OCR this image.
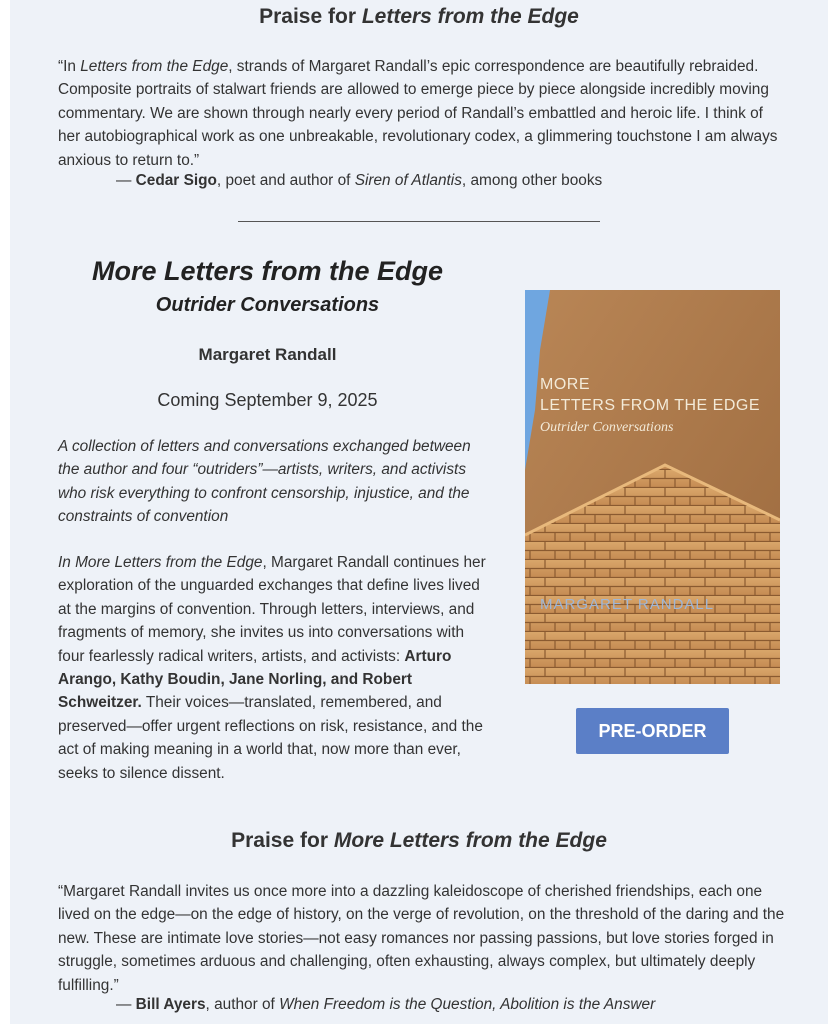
Praise for Letters from the Edge
“In Letters from the Edge, strands of Margaret Randall’s epic correspondence are beautifully rebraided. Composite portraits of stalwart friends are allowed to emerge piece by piece alongside incredibly moving commentary. We are shown through nearly every period of Randall’s embattled and heroic life. I think of her autobiographical work as one unbreakable, revolutionary codex, a glimmering touchstone I am always anxious to return to.”
— Cedar Sigo, poet and author of Siren of Atlantis, among other books
More Letters from the Edge
Outrider Conversations
Margaret Randall
Coming September 9, 2025
A collection of letters and conversations exchanged between the author and four “outriders”—artists, writers, and activists who risk everything to confront censorship, injustice, and the constraints of convention
In More Letters from the Edge, Margaret Randall continues her exploration of the unguarded exchanges that define lives lived at the margins of convention. Through letters, interviews, and fragments of memory, she invites us into conversations with four fearlessly radical writers, artists, and activists: Arturo Arango, Kathy Boudin, Jane Norling, and Robert Schweitzer. Their voices—translated, remembered, and preserved—offer urgent reflections on risk, resistance, and the act of making meaning in a world that, now more than ever, seeks to silence dissent.
MORE
LETTERS FROM THE EDGE
Outrider Conversations
MARGARET RANDALL
PRE-ORDER
Praise for More Letters from the Edge
“Margaret Randall invites us once more into a dazzling kaleidoscope of cherished friendships, each one lived on the edge—on the edge of history, on the verge of revolution, on the threshold of the daring and the new. These are intimate love stories—not easy romances nor passing passions, but love stories forged in struggle, sometimes arduous and challenging, often exhausting, always complex, but ultimately deeply fulfilling.”
— Bill Ayers, author of When Freedom is the Question, Abolition is the Answer
